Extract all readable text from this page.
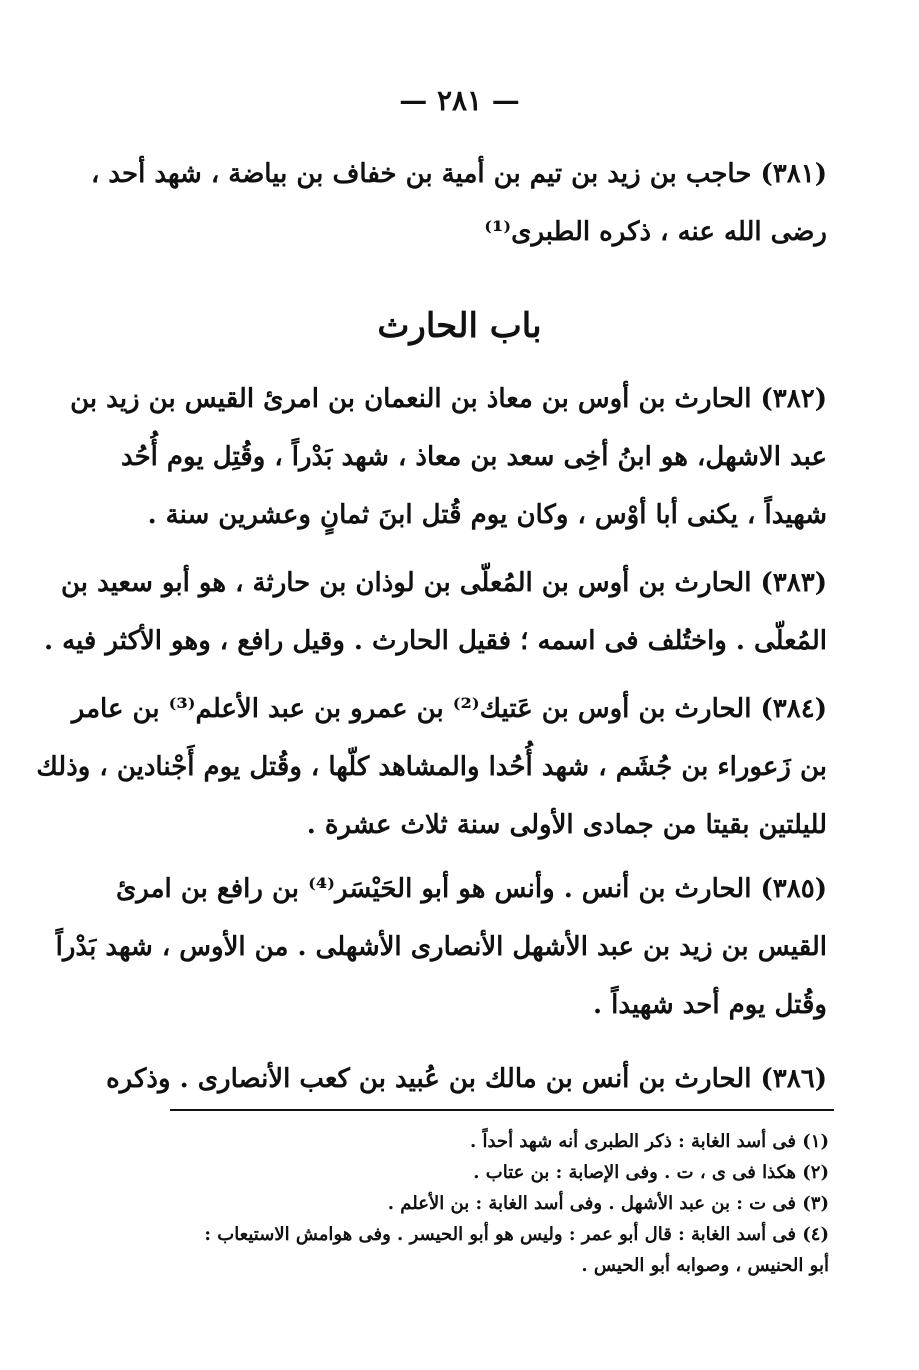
— ٢٨١ —
(٣٨١) حاجب بن زيد بن تيم بن أمية بن خفاف بن بياضة ، شهد أحد ،
رضى الله عنه ، ذكره الطبرى⁽¹⁾
باب الحارث
(٣٨٢) الحارث بن أوس بن معاذ بن النعمان بن امرئ القيس بن زيد بن
عبد الاشهل، هو ابنُ أخِى سعد بن معاذ ، شهد بَدْراً ، وقُتِل يوم أُحُد
شهيداً ، يكنى أبا أوْس ، وكان يوم قُتل ابنَ ثمانٍ وعشرين سنة .
(٣٨٣) الحارث بن أوس بن المُعلّى بن لوذان بن حارثة ، هو أبو سعيد بن
المُعلّى . واختُلف فى اسمه ؛ فقيل الحارث . وقيل رافع ، وهو الأكثر فيه .
(٣٨٤) الحارث بن أوس بن عَتيك⁽²⁾ بن عمرو بن عبد الأعلم⁽³⁾ بن عامر
بن زَعوراء بن جُشَم ، شهد أُحُدا والمشاهد كلّها ، وقُتل يوم أَجْنادين ، وذلك
لليلتين بقيتا من جمادى الأولى سنة ثلاث عشرة .
(٣٨٥) الحارث بن أنس . وأنس هو أبو الحَيْسَر⁽⁴⁾ بن رافع بن امرئ
القيس بن زيد بن عبد الأشهل الأنصارى الأشهلى . من الأوس ، شهد بَدْراً
وقُتل يوم أحد شهيداً .
(٣٨٦) الحارث بن أنس بن مالك بن عُبيد بن كعب الأنصارى . وذكره
(١) فى أسد الغابة : ذكر الطبرى أنه شهد أحداً .
(٢) هكذا فى ى ، ت . وفى الإصابة : بن عتاب .
(٣) فى ت : بن عبد الأشهل . وفى أسد الغابة : بن الأعلم .
(٤) فى أسد الغابة : قال أبو عمر : وليس هو أبو الحيسر . وفى هوامش الاستيعاب :
أبو الحنيس ، وصوابه أبو الحيس .
